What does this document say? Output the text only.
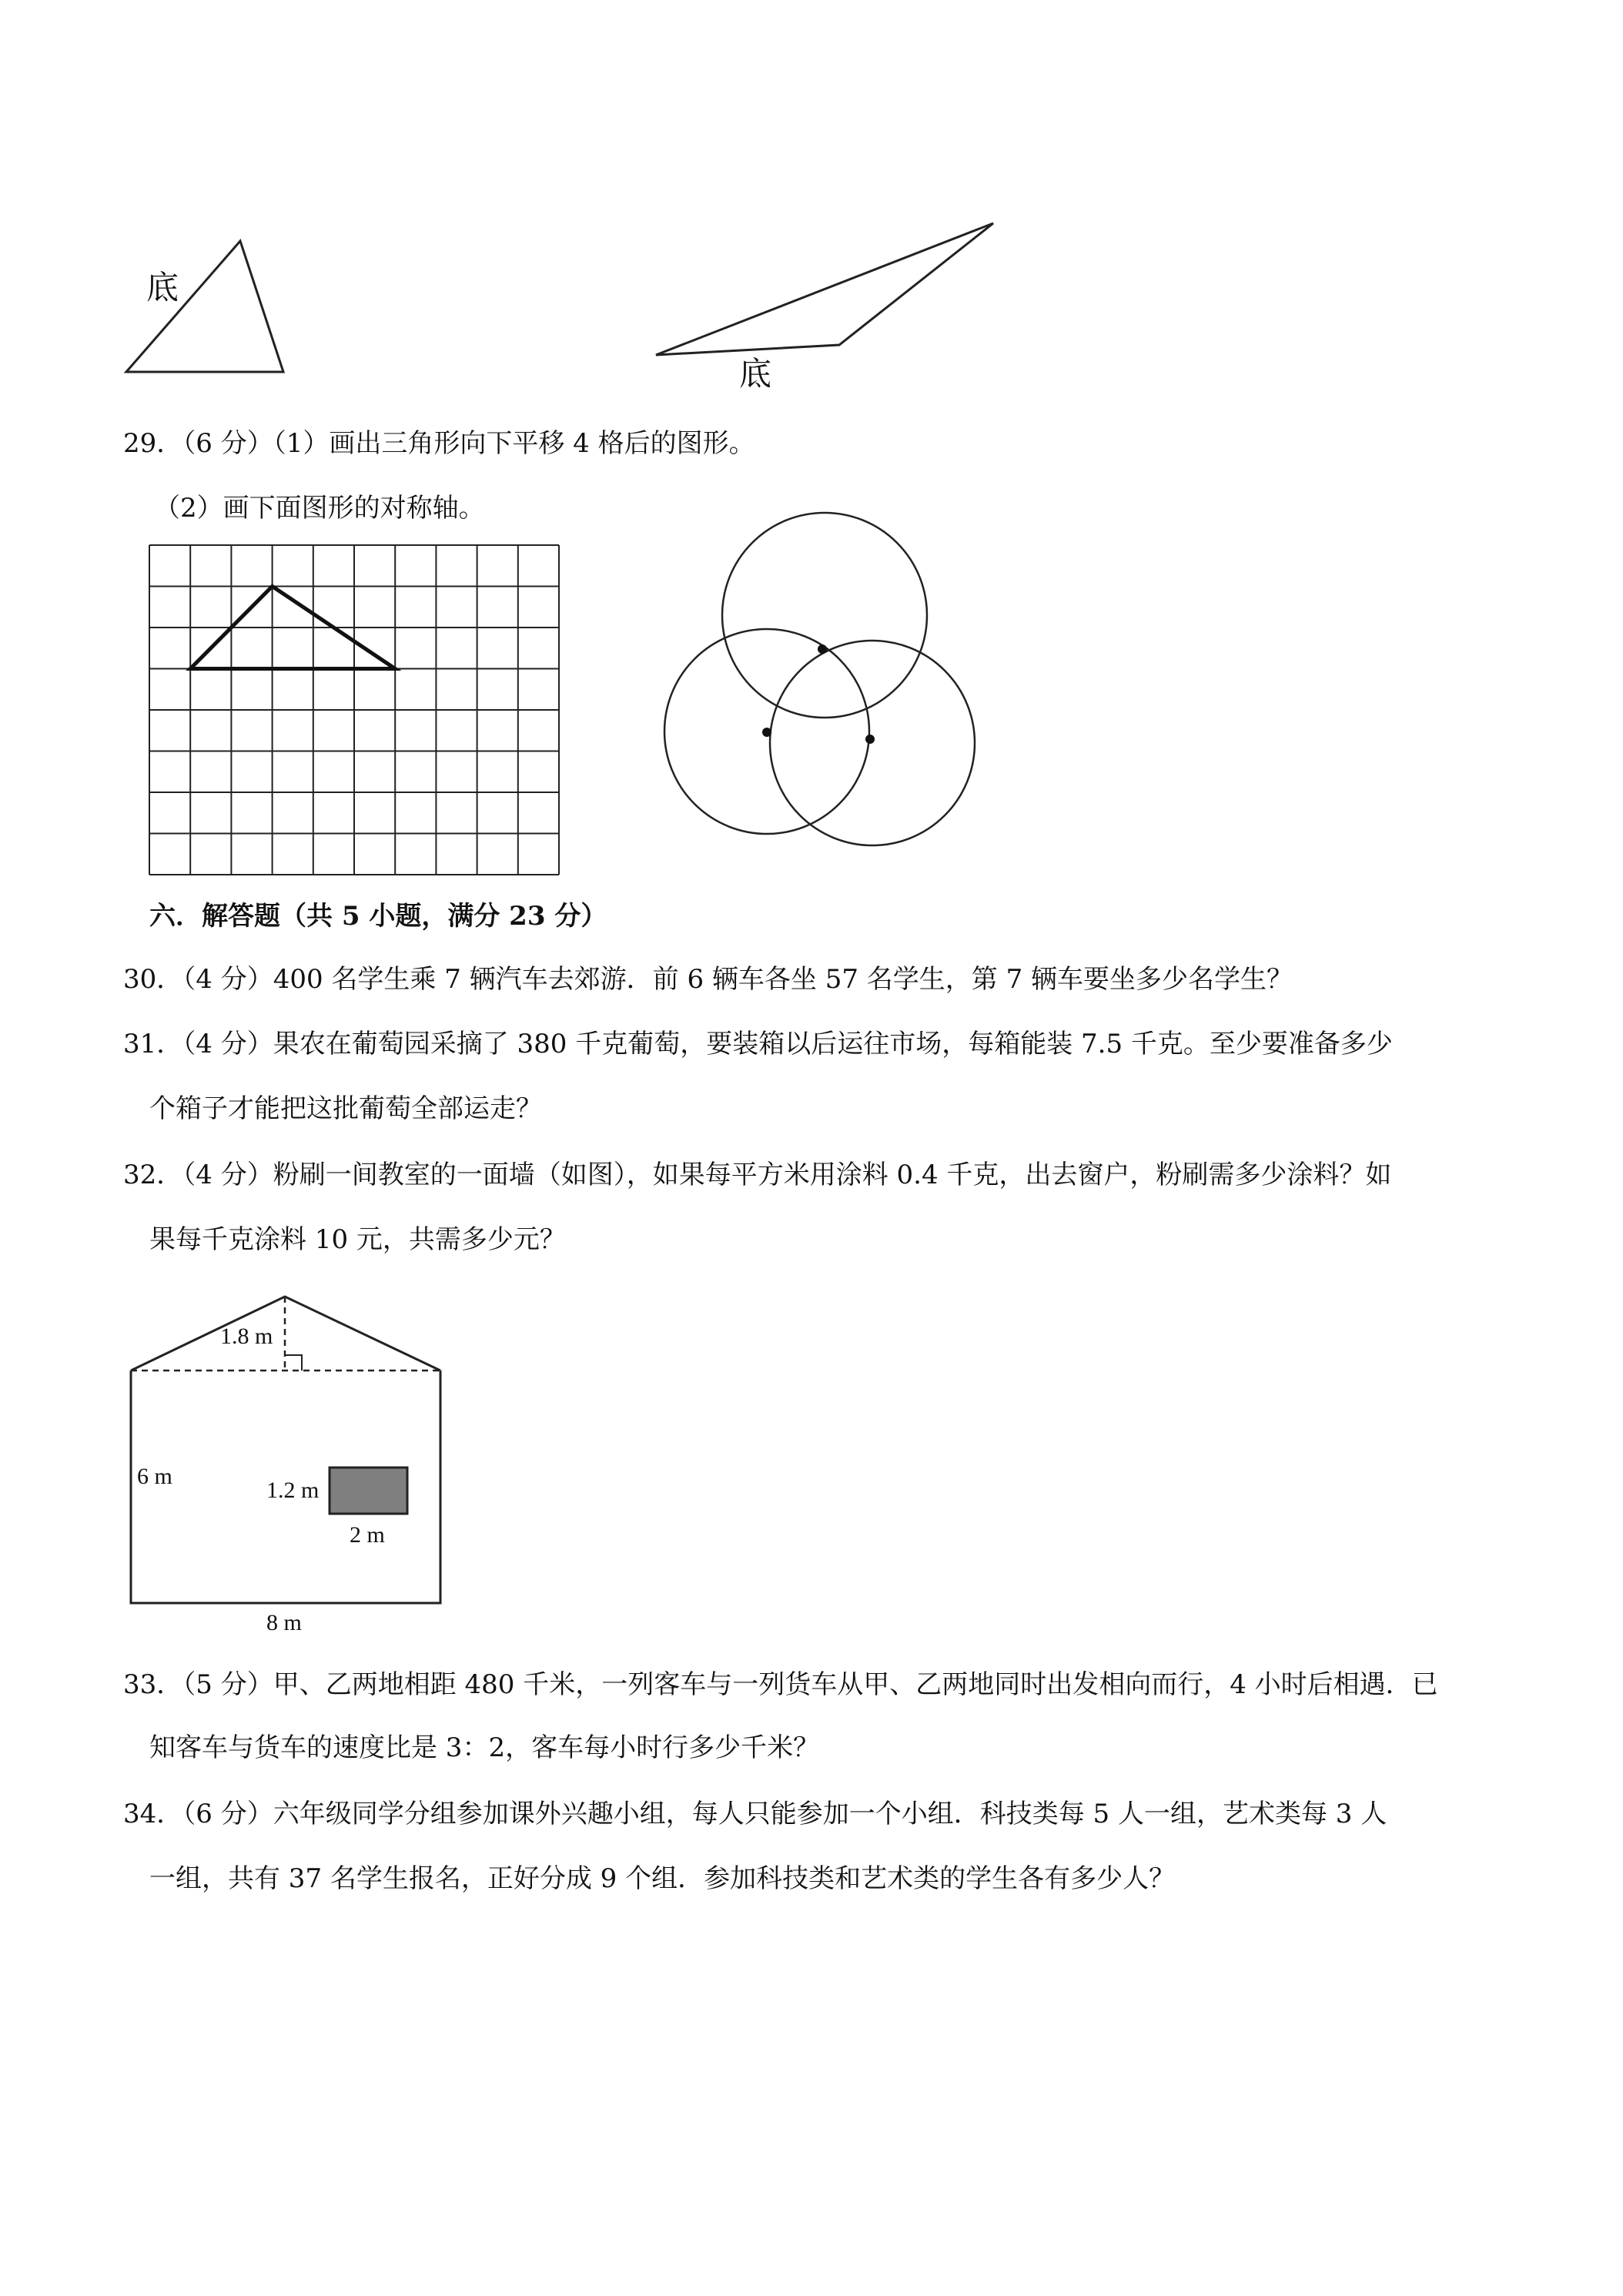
底
底
29．（6 分）（1）画出三角形向下平移 4 格后的图形。
（2）画下面图形的对称轴。
六．解答题（共 5 小题，满分 23 分）
30．（4 分）400 名学生乘 7 辆汽车去郊游．前 6 辆车各坐 57 名学生，第 7 辆车要坐多少名学生？
31．（4 分）果农在葡萄园采摘了 380 千克葡萄，要装箱以后运往市场，每箱能装 7.5 千克。至少要准备多少
个箱子才能把这批葡萄全部运走？
32．（4 分）粉刷一间教室的一面墙（如图），如果每平方米用涂料 0.4 千克，出去窗户，粉刷需多少涂料？如
果每千克涂料 10 元，共需多少元？
1.8 m
6 m
1.2 m
2 m
8 m
33．（5 分）甲、乙两地相距 480 千米，一列客车与一列货车从甲、乙两地同时出发相向而行，4 小时后相遇．已
知客车与货车的速度比是 3：2，客车每小时行多少千米？
34．（6 分）六年级同学分组参加课外兴趣小组，每人只能参加一个小组．科技类每 5 人一组，艺术类每 3 人
一组，共有 37 名学生报名，正好分成 9 个组．参加科技类和艺术类的学生各有多少人？
